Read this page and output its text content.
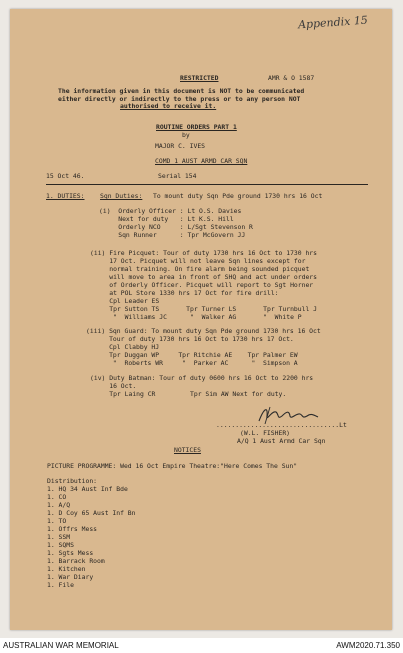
Appendix 15
RESTRICTED	AMR & O 1587
The information given in this document is NOT to be communicated
either directly or indirectly to the press or to any person NOT
authorised to receive it.
ROUTINE ORDERS PART 1
by
MAJOR C. IVES
COMD 1 AUST ARMD CAR SQN
15 Oct 46.	Serial 154
1. DUTIES: Sqn Duties: To mount duty Sqn Pde ground 1730 hrs 16 Oct
(i)  Orderly Officer : Lt O.S. Davies
Next for duty   : Lt K.S. Hill
Orderly NCO     : L/Sgt Stevenson R
Sqn Runner      : Tpr McGovern JJ
(ii) Fire Picquet: Tour of duty 1730 hrs 16 Oct to 1730 hrs
17 Oct. Picquet will not leave Sqn lines except for
normal training. On fire alarm being sounded picquet
will move to area in front of SHQ and act under orders
of Orderly Officer. Picquet will report to Sgt Horner
at POL Store 1330 hrs 17 Oct for fire drill:
Cpl Leader ES
Tpr Sutton TS       Tpr Turner LS       Tpr Turnbull J
"  Williams JC      "  Walker AG       "  White P
(iii) Sqn Guard: To mount duty Sqn Pde ground 1730 hrs 16 Oct
Tour of duty 1730 hrs 16 Oct to 1730 hrs 17 Oct.
Cpl Clabby HJ
Tpr Duggan WP     Tpr Ritchie AE    Tpr Palmer EW
"  Roberts WR     "  Parker AC      "  Simpson A
(iv) Duty Batman: Tour of duty 0600 hrs 16 Oct to 2200 hrs
16 Oct.
Tpr Laing CR         Tpr Sim AW Next for duty.
................................Lt
(W.L. FISHER)
A/Q 1 Aust Armd Car Sqn
NOTICES
PICTURE PROGRAMME: Wed 16 Oct Empire Theatre:"Here Comes The Sun"
Distribution:
1. HQ 34 Aust Inf Bde
1. CO
1. A/Q
1. D Coy 65 Aust Inf Bn
1. TO
1. Offrs Mess
1. SSM
1. SQMS
1. Sgts Mess
1. Barrack Room
1. Kitchen
1. War Diary
1. File
AUSTRALIAN WAR MEMORIAL	AWM2020.71.350
